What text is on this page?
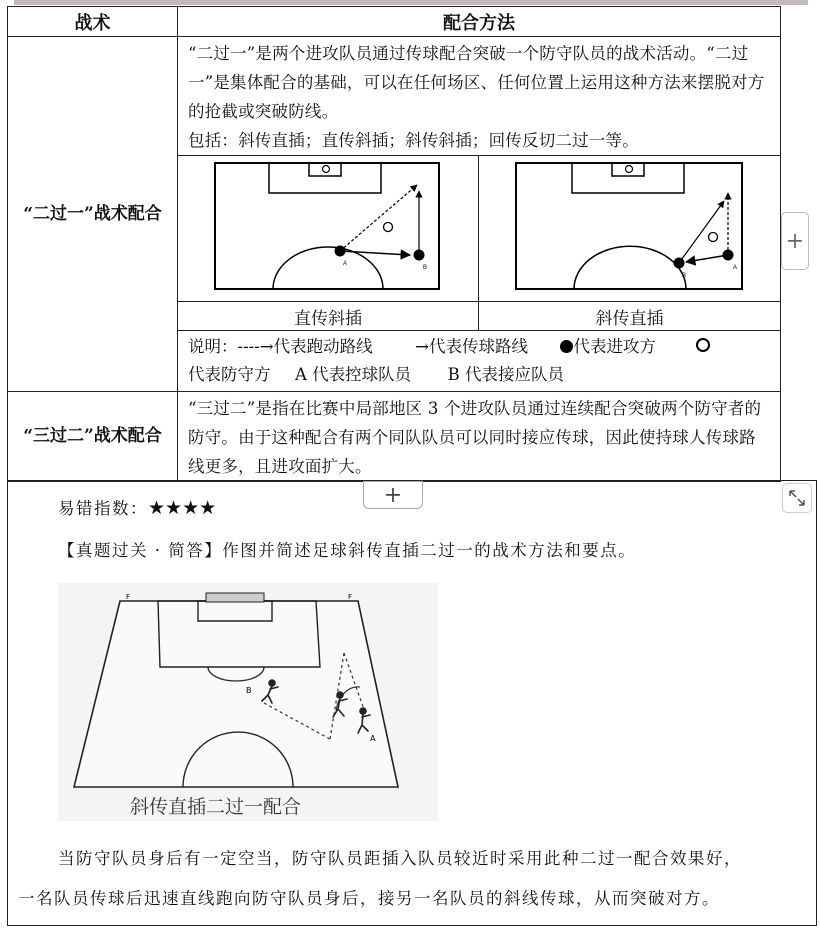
战术	配合方法	
“二过一”战术配合	“二过一”是两个进攻队员通过传球配合突破一个防守队员的战术活动。“二过一”是集体配合的基础，可以在任何场区、任何位置上运用这种方法来摆脱对方的抢截或突破防线。
包括：斜传直插；直传斜插；斜传斜插；回传反切二过一等。	

A
B	B
A

	直传斜插	斜传直插

	说明：----→代表跑动路线 →代表传球路线 代表进攻方
代表防守方 A 代表控球队员 B 代表接应队员	

“三过二”战术配合	“三过二”是指在比赛中局部地区 3 个进攻队员通过连续配合突破两个防守者的防守。由于这种配合有两个同队队员可以同时接应传球，因此使持球人传球路线更多，且进攻面扩大。	
+
+
易错指数：★★★★
【真题过关 · 简答】作图并简述足球斜传直插二过一的战术方法和要点。
F	F
B
A
斜传直插二过一配合
当防守队员身后有一定空当，防守队员距插入队员较近时采用此种二过一配合效果好，
一名队员传球后迅速直线跑向防守队员身后，接另一名队员的斜线传球，从而突破对方。
